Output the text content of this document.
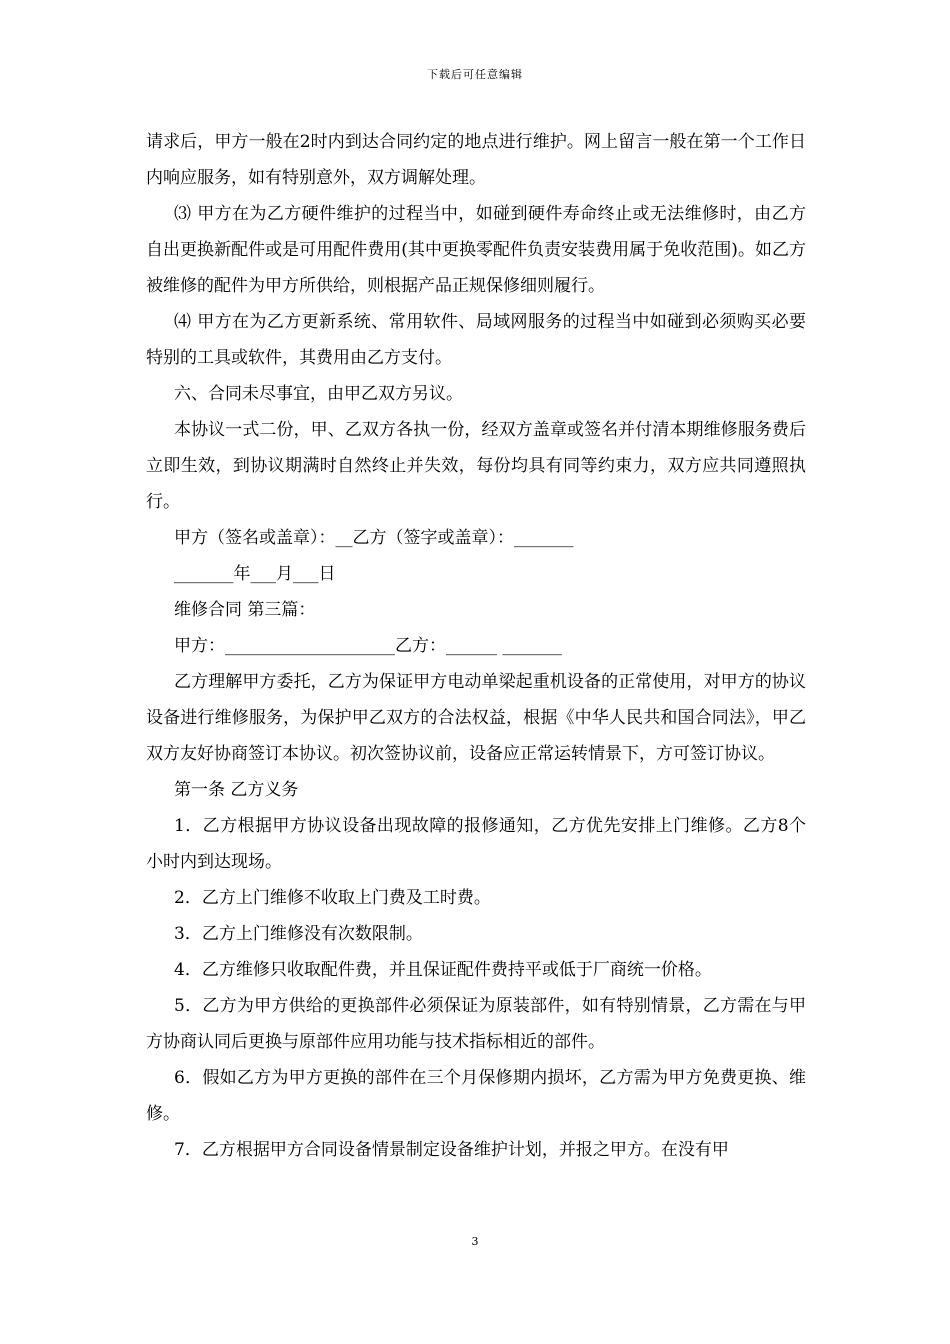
下载后可任意编辑

请求后，甲方一般在2时内到达合同约定的地点进行维护。网上留言一般在第一个工作日内响应服务，如有特别意外，双方调解处理。

⑶ 甲方在为乙方硬件维护的过程当中，如碰到硬件寿命终止或无法维修时，由乙方自出更换新配件或是可用配件费用(其中更换零配件负责安装费用属于免收范围)。如乙方被维修的配件为甲方所供给，则根据产品正规保修细则履行。

⑷ 甲方在为乙方更新系统、常用软件、局域网服务的过程当中如碰到必须购买必要特别的工具或软件，其费用由乙方支付。

六、合同未尽事宜，由甲乙双方另议。

本协议一式二份，甲、乙双方各执一份，经双方盖章或签名并付清本期维修服务费后立即生效，到协议期满时自然终止并失效，每份均具有同等约束力，双方应共同遵照执行。

甲方（签名或盖章）：__乙方（签字或盖章）：_______

_______年___月___日

维修合同 第三篇：

甲方：____________________乙方：______ _______

乙方理解甲方委托，乙方为保证甲方电动单梁起重机设备的正常使用，对甲方的协议设备进行维修服务，为保护甲乙双方的合法权益，根据《中华人民共和国合同法》，甲乙双方友好协商签订本协议。初次签协议前，设备应正常运转情景下，方可签订协议。

第一条 乙方义务

1．乙方根据甲方协议设备出现故障的报修通知，乙方优先安排上门维修。乙方8个小时内到达现场。

2．乙方上门维修不收取上门费及工时费。

3．乙方上门维修没有次数限制。

4．乙方维修只收取配件费，并且保证配件费持平或低于厂商统一价格。

5．乙方为甲方供给的更换部件必须保证为原装部件，如有特别情景，乙方需在与甲方协商认同后更换与原部件应用功能与技术指标相近的部件。

6．假如乙方为甲方更换的部件在三个月保修期内损坏，乙方需为甲方免费更换、维修。

7．乙方根据甲方合同设备情景制定设备维护计划，并报之甲方。在没有甲

3
